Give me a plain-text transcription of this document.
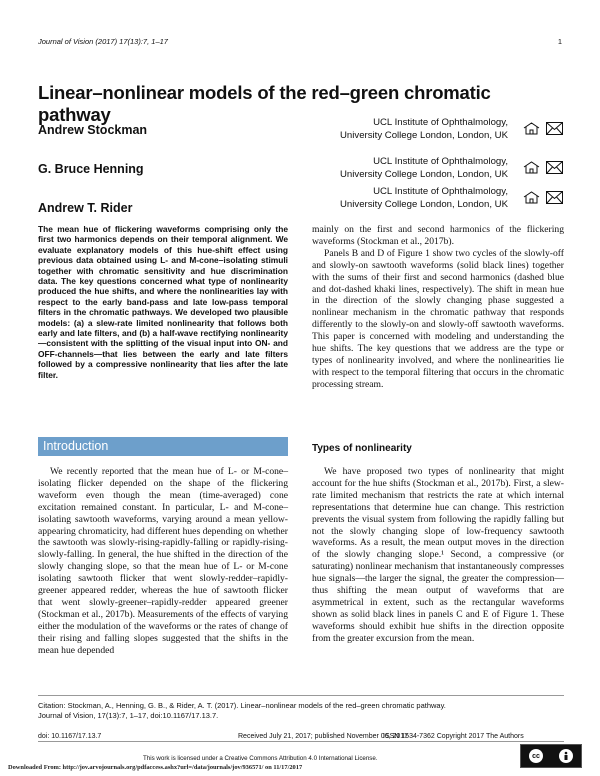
Journal of Vision (2017) 17(13):7, 1–17	1
Linear–nonlinear models of the red–green chromatic pathway
Andrew Stockman
UCL Institute of Ophthalmology,
University College London, London, UK
G. Bruce Henning
UCL Institute of Ophthalmology,
University College London, London, UK
Andrew T. Rider
UCL Institute of Ophthalmology,
University College London, London, UK
The mean hue of flickering waveforms comprising only the first two harmonics depends on their temporal alignment. We evaluate explanatory models of this hue-shift effect using previous data obtained using L- and M-cone–isolating stimuli together with chromatic sensitivity and hue discrimination data. The key questions concerned what type of nonlinearity produced the hue shifts, and where the nonlinearities lay with respect to the early band-pass and late low-pass temporal filters in the chromatic pathways. We developed two plausible models: (a) a slew-rate limited nonlinearity that follows both early and late filters, and (b) a half-wave rectifying nonlinearity—consistent with the splitting of the visual input into ON- and OFF-channels—that lies between the early and late filters followed by a compressive nonlinearity that lies after the late filter.
mainly on the first and second harmonics of the flickering waveforms (Stockman et al., 2017b).
Panels B and D of Figure 1 show two cycles of the slowly-off and slowly-on sawtooth waveforms (solid black lines) together with the sums of their first and second harmonics (dashed blue and dot-dashed khaki lines, respectively). The shift in mean hue in the direction of the slowly changing phase suggested a nonlinear mechanism in the chromatic pathway that responds differently to the slowly-on and slowly-off sawtooth waveforms. This paper is concerned with modeling and understanding the hue shifts. The key questions that we address are the type or types of nonlinearity involved, and where the nonlinearities lie with respect to the temporal filtering that occurs in the chromatic processing stream.
Introduction
We recently reported that the mean hue of L- or M-cone–isolating flicker depended on the shape of the flickering waveform even though the mean (time-averaged) cone excitation remained constant. In particular, L- and M-cone–isolating sawtooth waveforms, varying around a mean yellow-appearing chromaticity, had different hues depending on whether the sawtooth was slowly-rising-rapidly-falling or rapidly-rising-slowly-falling. In general, the hue shifted in the direction of the slowly changing slope, so that the mean hue of L- or M-cone isolating sawtooth flicker that went slowly-redder–rapidly-greener appeared redder, whereas the hue of sawtooth flicker that went slowly-greener–rapidly-redder appeared greener (Stockman et al., 2017b). Measurements of the effects of varying either the modulation of the waveforms or the rates of change of their rising and falling slopes suggested that the shifts in the mean hue depended
Types of nonlinearity
We have proposed two types of nonlinearity that might account for the hue shifts (Stockman et al., 2017b). First, a slew-rate limited mechanism that restricts the rate at which internal representations that determine hue can change. This restriction prevents the visual system from following the rapidly falling but not the slowly changing slope of low-frequency sawtooth waveforms. As a result, the mean output moves in the direction of the slowly changing slope.¹ Second, a compressive (or saturating) nonlinear mechanism that instantaneously compresses hue signals—the larger the signal, the greater the compression—thus shifting the mean output of waveforms that are asymmetrical in extent, such as the rectangular waveforms shown as solid black lines in panels C and E of Figure 1. These waveforms should exhibit hue shifts in the direction opposite from the greater excursion from the mean.
Citation: Stockman, A., Henning, G. B., & Rider, A. T. (2017). Linear–nonlinear models of the red–green chromatic pathway.
Journal of Vision, 17(13):7, 1–17, doi:10.1167/17.13.7.
doi: 10.1167/17.13.7	Received July 21, 2017; published November 06, 2017
ISSN 1534-7362 Copyright 2017 The Authors
This work is licensed under a Creative Commons Attribution 4.0 International License.	cc
Downloaded From: http://jov.arvojournals.org/pdfaccess.ashx?url=/data/journals/jov/936571/ on 11/17/2017
